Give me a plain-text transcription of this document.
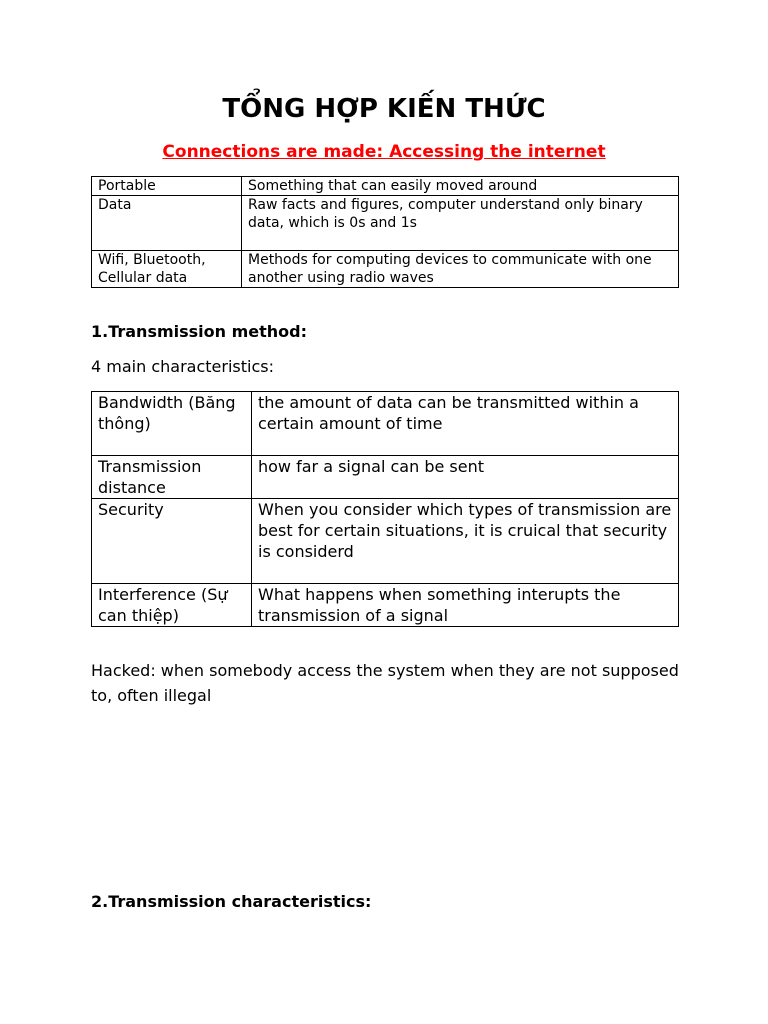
TỔNG HỢP KIẾN THỨC

Connections are made: Accessing the internet

Portable	Something that can easily moved around
Data	Raw facts and figures, computer understand only binary data, which is 0s and 1s
Wifi, Bluetooth, Cellular data	Methods for computing devices to communicate with one another using radio waves
1.Transmission method:

4 main characteristics:

Bandwidth (Băng thông)	the amount of data can be transmitted within a certain amount of time
Transmission distance	how far a signal can be sent
Security	When you consider which types of transmission are best for certain situations, it is cruical that security is considerd
Interference (Sự can thiệp)	What happens when something interupts the transmission of a signal

Hacked: when somebody access the system when they are not supposed to, often illegal

2.Transmission characteristics:
